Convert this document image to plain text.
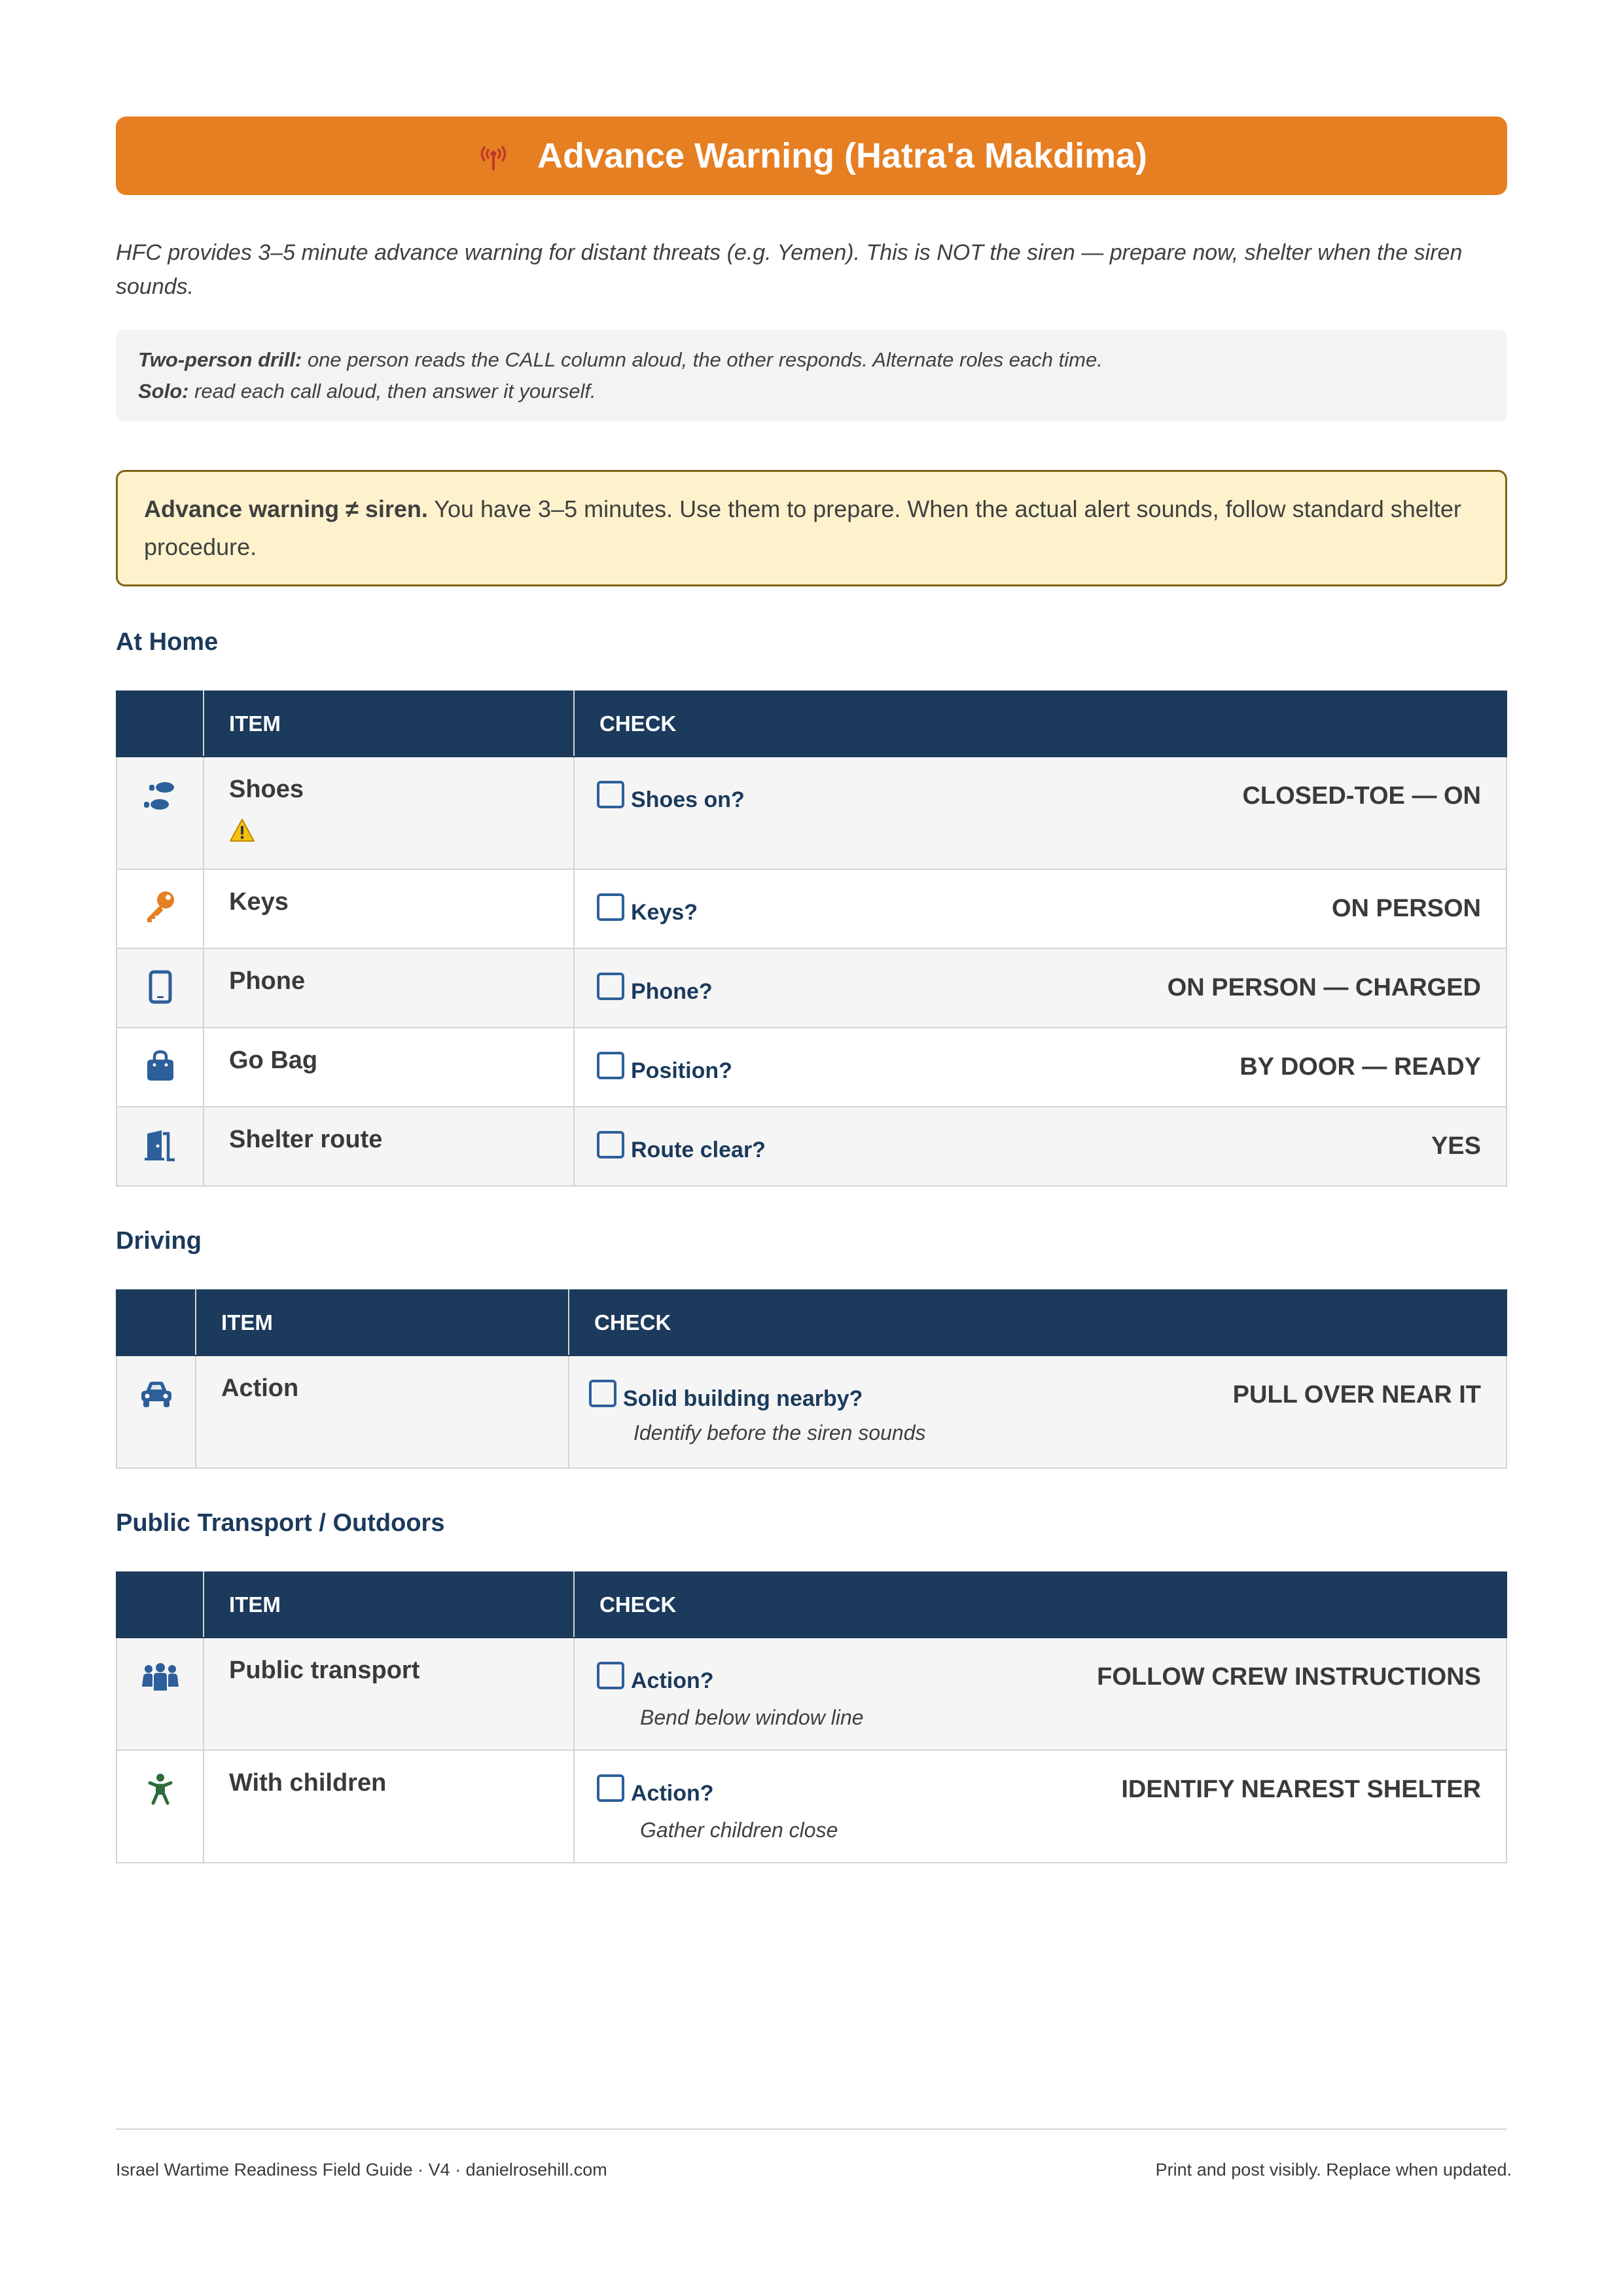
Advance Warning (Hatra'a Makdima)
HFC provides 3–5 minute advance warning for distant threats (e.g. Yemen). This is NOT the siren — prepare now, shelter when the siren sounds.
Two-person drill: one person reads the CALL column aloud, the other responds. Alternate roles each time.
Solo: read each call aloud, then answer it yourself.
Advance warning ≠ siren. You have 3–5 minutes. Use them to prepare. When the actual alert sounds, follow standard shelter procedure.
At Home
	ITEM	CHECK

Shoes	Shoes on? CLOSED-TOE — ON

Keys	Keys? ON PERSON

Phone	Phone? ON PERSON — CHARGED

Go Bag	Position? BY DOOR — READY

Shelter route	Route clear? YES
Driving
	ITEM	CHECK

Action	Solid building nearby? PULL OVER NEAR IT
Identify before the siren sounds
Public Transport / Outdoors
	ITEM	CHECK

Public transport	Action? FOLLOW CREW INSTRUCTIONS
Bend below window line

With children	Action? IDENTIFY NEAREST SHELTER
Gather children close
Israel Wartime Readiness Field Guide · V4 · danielrosehill.com	Print and post visibly. Replace when updated.
